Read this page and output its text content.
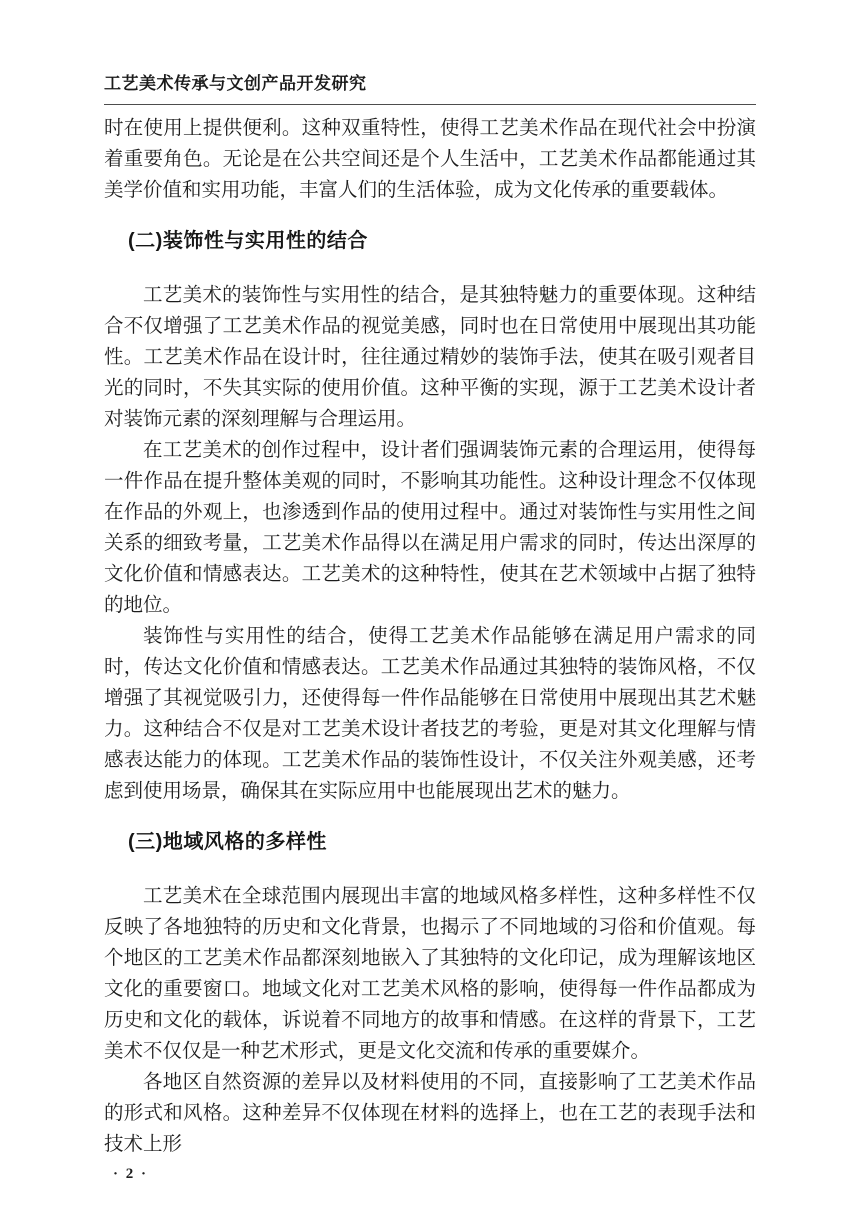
工艺美术传承与文创产品开发研究

时在使用上提供便利。这种双重特性，使得工艺美术作品在现代社会中扮演着重要角色。无论是在公共空间还是个人生活中，工艺美术作品都能通过其美学价值和实用功能，丰富人们的生活体验，成为文化传承的重要载体。

(二)装饰性与实用性的结合

工艺美术的装饰性与实用性的结合，是其独特魅力的重要体现。这种结合不仅增强了工艺美术作品的视觉美感，同时也在日常使用中展现出其功能性。工艺美术作品在设计时，往往通过精妙的装饰手法，使其在吸引观者目光的同时，不失其实际的使用价值。这种平衡的实现，源于工艺美术设计者对装饰元素的深刻理解与合理运用。

在工艺美术的创作过程中，设计者们强调装饰元素的合理运用，使得每一件作品在提升整体美观的同时，不影响其功能性。这种设计理念不仅体现在作品的外观上，也渗透到作品的使用过程中。通过对装饰性与实用性之间关系的细致考量，工艺美术作品得以在满足用户需求的同时，传达出深厚的文化价值和情感表达。工艺美术的这种特性，使其在艺术领域中占据了独特的地位。

装饰性与实用性的结合，使得工艺美术作品能够在满足用户需求的同时，传达文化价值和情感表达。工艺美术作品通过其独特的装饰风格，不仅增强了其视觉吸引力，还使得每一件作品能够在日常使用中展现出其艺术魅力。这种结合不仅是对工艺美术设计者技艺的考验，更是对其文化理解与情感表达能力的体现。工艺美术作品的装饰性设计，不仅关注外观美感，还考虑到使用场景，确保其在实际应用中也能展现出艺术的魅力。

(三)地域风格的多样性

工艺美术在全球范围内展现出丰富的地域风格多样性，这种多样性不仅反映了各地独特的历史和文化背景，也揭示了不同地域的习俗和价值观。每个地区的工艺美术作品都深刻地嵌入了其独特的文化印记，成为理解该地区文化的重要窗口。地域文化对工艺美术风格的影响，使得每一件作品都成为历史和文化的载体，诉说着不同地方的故事和情感。在这样的背景下，工艺美术不仅仅是一种艺术形式，更是文化交流和传承的重要媒介。

各地区自然资源的差异以及材料使用的不同，直接影响了工艺美术作品的形式和风格。这种差异不仅体现在材料的选择上，也在工艺的表现手法和技术上形

· 2 ·
